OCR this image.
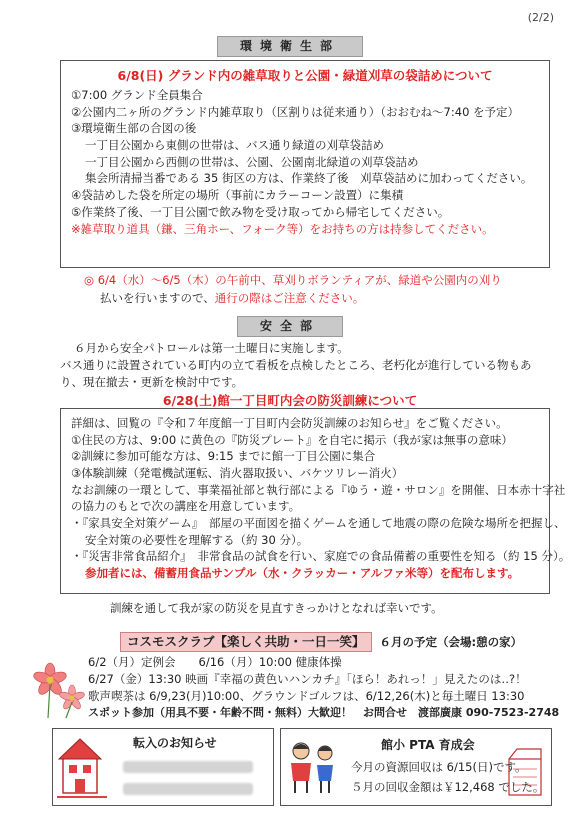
(2/2)
環境衛生部
6/8(日) グランド内の雑草取りと公園・緑道刈草の袋詰めについて
①7:00 グランド全員集合
②公園内二ヶ所のグランド内雑草取り（区割りは従来通り）（おおむね～7:40 を予定）
③環境衛生部の合図の後
一丁目公園から東側の世帯は、バス通り緑道の刈草袋詰め
一丁目公園から西側の世帯は、公園、公園南北緑道の刈草袋詰め
集会所清掃当番である 35 街区の方は、作業終了後　刈草袋詰めに加わってください。
④袋詰めした袋を所定の場所（事前にカラーコーン設置）に集積
⑤作業終了後、一丁目公園で飲み物を受け取ってから帰宅してください。
※雑草取り道具（鎌、三角ホー、フォーク等）をお持ちの方は持参してください。
◎ 6/4（水）～6/5（木）の午前中、草刈りボランティアが、緑道や公園内の刈り
払いを行いますので、通行の際はご注意ください。
安全部
６月から安全パトロールは第一土曜日に実施します。
バス通りに設置されている町内の立て看板を点検したところ、老朽化が進行している物もあ
り、現在撤去・更新を検討中です。
6/28(土)館一丁目町内会の防災訓練について
詳細は、回覧の『令和７年度館一丁目町内会防災訓練のお知らせ』をご覧ください。
①住民の方は、9:00 に黄色の『防災プレート』を自宅に掲示（我が家は無事の意味）
②訓練に参加可能な方は、9:15 までに館一丁目公園に集合
③体験訓練（発電機試運転、消火器取扱い、バケツリレー消火）
なお訓練の一環として、事業福祉部と執行部による『ゆう・遊・サロン』を開催、日本赤十字社
の協力のもとで次の講座を用意しています。
・『家具安全対策ゲーム』　部屋の平面図を描くゲームを通して地震の際の危険な場所を把握し、
安全対策の必要性を理解する（約 30 分）。
・『災害非常食品紹介』　非常食品の試食を行い、家庭での食品備蓄の重要性を知る（約 15 分）。
参加者には、備蓄用食品サンプル（水・クラッカー・アルファ米等）を配布します。
訓練を通して我が家の防災を見直すきっかけとなれば幸いです。
コスモスクラブ【楽しく共助・一日一笑】	６月の予定（会場:憩の家）
6/2（月）定例会　　6/16（月）10:00 健康体操
6/27（金）13:30 映画『幸福の黄色いハンカチ』「ほら！あれっ！」見えたのは‥?！
歌声喫茶は 6/9,23(月)10:00、グラウンドゴルフは、6/12,26(木)と毎土曜日 13:30
スポット参加（用具不要・年齢不問・無料）大歓迎！　お問合せ　渡部廣康 090-7523-2748
転入のお知らせ	館小 PTA 育成会
今月の資源回収は 6/15(日)です。
５月の回収金額は￥12,468 でした。
